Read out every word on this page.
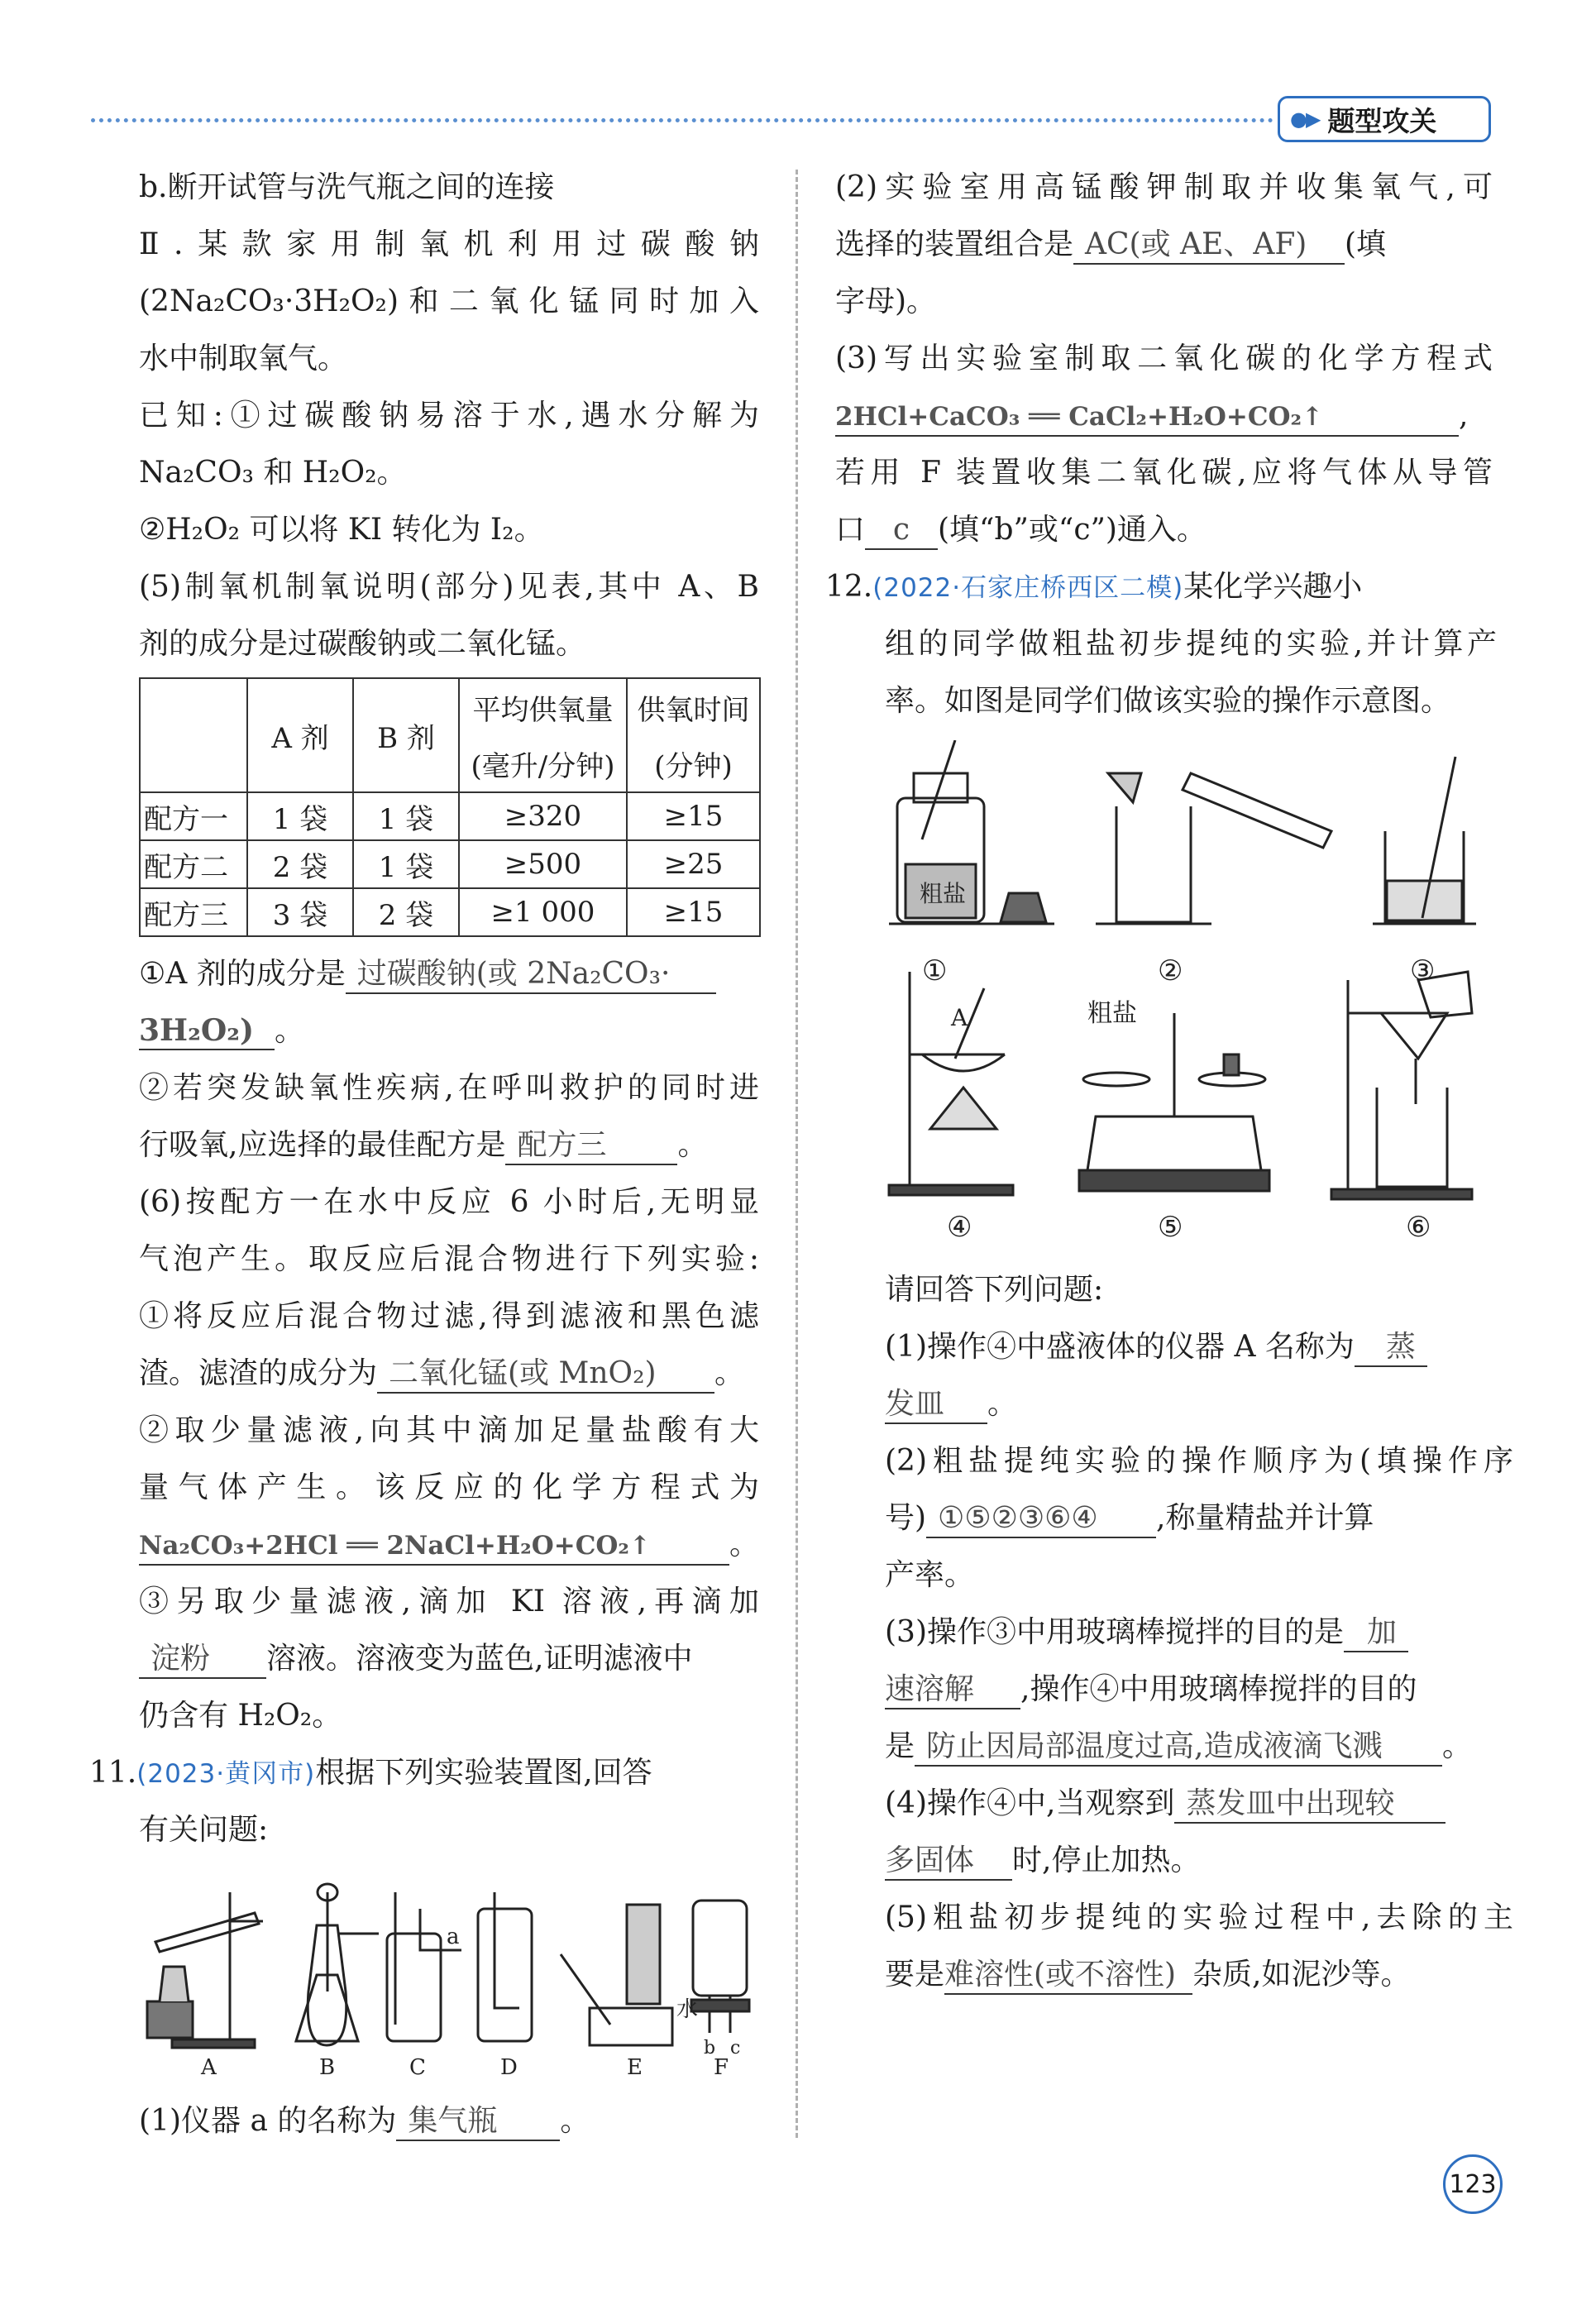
●▶ 题型攻关
b.断开试管与洗气瓶之间的连接
Ⅱ.某款家用制氧机利用过碳酸钠
(2Na₂CO₃·3H₂O₂)和二氧化锰同时加入
水中制取氧气。
已知:①过碳酸钠易溶于水,遇水分解为
Na₂CO₃ 和 H₂O₂。
②H₂O₂ 可以将 KI 转化为 I₂。
(5)制氧机制氧说明(部分)见表,其中 A、B
剂的成分是过碳酸钠或二氧化锰。
	A 剂	B 剂	平均供氧量	供氧时间
			(毫升/分钟)	(分钟)
配方一	1 袋	1 袋	≥320	≥15
配方二	2 袋	1 袋	≥500	≥25
配方三	3 袋	2 袋	≥1 000	≥15
①A 剂的成分是 过碳酸钠(或 2Na₂CO₃·
3H₂O₂) 。
②若突发缺氧性疾病,在呼叫救护的同时进
行吸氧,应选择的最佳配方是 配方三 。
(6)按配方一在水中反应 6 小时后,无明显
气泡产生。取反应后混合物进行下列实验:
①将反应后混合物过滤,得到滤液和黑色滤
渣。滤渣的成分为 二氧化锰(或 MnO₂) 。
②取少量滤液,向其中滴加足量盐酸有大
量气体产生。该反应的化学方程式为
Na₂CO₃+2HCl ══ 2NaCl+H₂O+CO₂↑	。
③另取少量滤液,滴加 KI 溶液,再滴加
淀粉 溶液。溶液变为蓝色,证明滤液中
仍含有 H₂O₂。
11.(2023·黄冈市)根据下列实验装置图,回答
有关问题:
A	B	C	D	E	F
a
水
b c
(1)仪器 a 的名称为 集气瓶 。
(2)实验室用高锰酸钾制取并收集氧气,可
选择的装置组合是 AC(或 AE、AF) (填
字母)。
(3)写出实验室制取二氧化碳的化学方程式
2HCl+CaCO₃ ══ CaCl₂+H₂O+CO₂↑	,
若用 F 装置收集二氧化碳,应将气体从导管
口 c (填“b”或“c”)通入。
12.(2022·石家庄桥西区二模)某化学兴趣小
组的同学做粗盐初步提纯的实验,并计算产
率。如图是同学们做该实验的操作示意图。
①	②	③
④	⑤	⑥
粗盐
粗盐
A
请回答下列问题:
(1)操作④中盛液体的仪器 A 名称为 蒸
发皿 。
(2)粗盐提纯实验的操作顺序为(填操作序
号) ①⑤②③⑥④ ,称量精盐并计算
产率。
(3)操作③中用玻璃棒搅拌的目的是 加
速溶解 ,操作④中用玻璃棒搅拌的目的
是 防止因局部温度过高,造成液滴飞溅 。
(4)操作④中,当观察到 蒸发皿中出现较
多固体 时,停止加热。
(5)粗盐初步提纯的实验过程中,去除的主
要是难溶性(或不溶性) 杂质,如泥沙等。
123
